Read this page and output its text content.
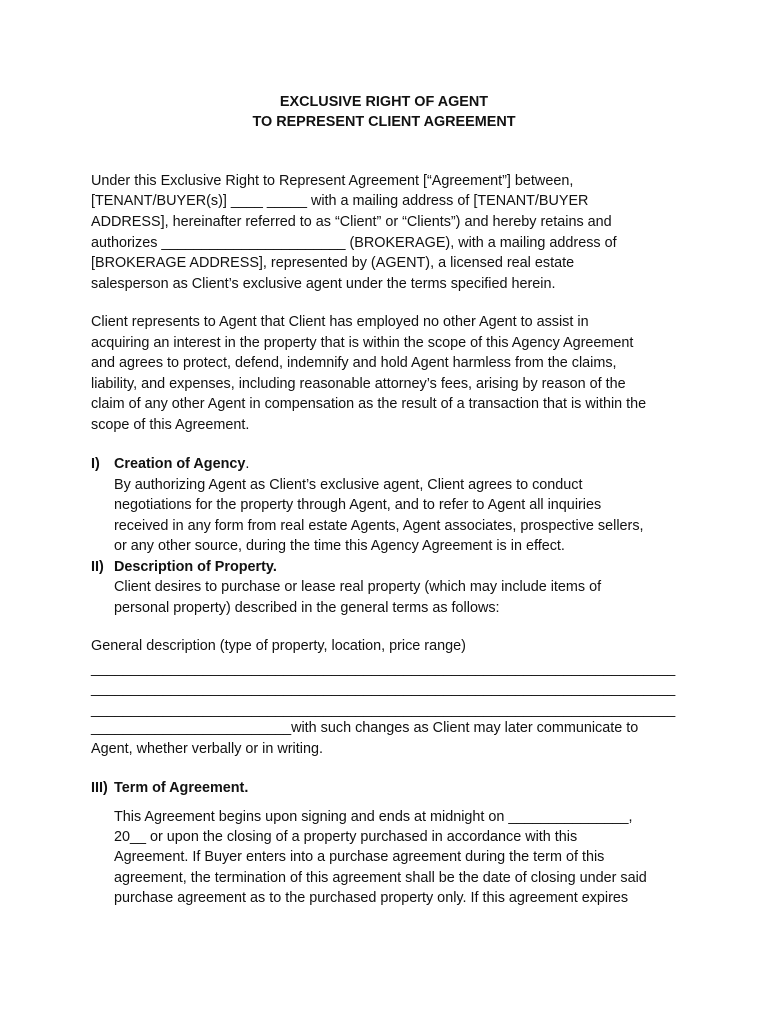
EXCLUSIVE RIGHT OF AGENT
TO REPRESENT CLIENT AGREEMENT
Under this Exclusive Right to Represent Agreement [“Agreement”] between,
[TENANT/BUYER(s)] ____ _____ with a mailing address of [TENANT/BUYER
ADDRESS], hereinafter referred to as “Client” or “Clients”) and hereby retains and
authorizes _______________________ (BROKERAGE), with a mailing address of
[BROKERAGE ADDRESS], represented by (AGENT), a licensed real estate
salesperson as Client’s exclusive agent under the terms specified herein.
Client represents to Agent that Client has employed no other Agent to assist in
acquiring an interest in the property that is within the scope of this Agency Agreement
and agrees to protect, defend, indemnify and hold Agent harmless from the claims,
liability, and expenses, including reasonable attorney’s fees, arising by reason of the
claim of any other Agent in compensation as the result of a transaction that is within the
scope of this Agreement.
I) Creation of Agency.
By authorizing Agent as Client’s exclusive agent, Client agrees to conduct
negotiations for the property through Agent, and to refer to Agent all inquiries
received in any form from real estate Agents, Agent associates, prospective sellers,
or any other source, during the time this Agency Agreement is in effect.
II) Description of Property.
Client desires to purchase or lease real property (which may include items of
personal property) described in the general terms as follows:
General description (type of property, location, price range)
_________________________________________________________________________
_________________________________________________________________________
_________________________________________________________________________
_________________________with such changes as Client may later communicate to
Agent, whether verbally or in writing.
III) Term of Agreement.
This Agreement begins upon signing and ends at midnight on _______________,
20__ or upon the closing of a property purchased in accordance with this
Agreement. If Buyer enters into a purchase agreement during the term of this
agreement, the termination of this agreement shall be the date of closing under said
purchase agreement as to the purchased property only. If this agreement expires
